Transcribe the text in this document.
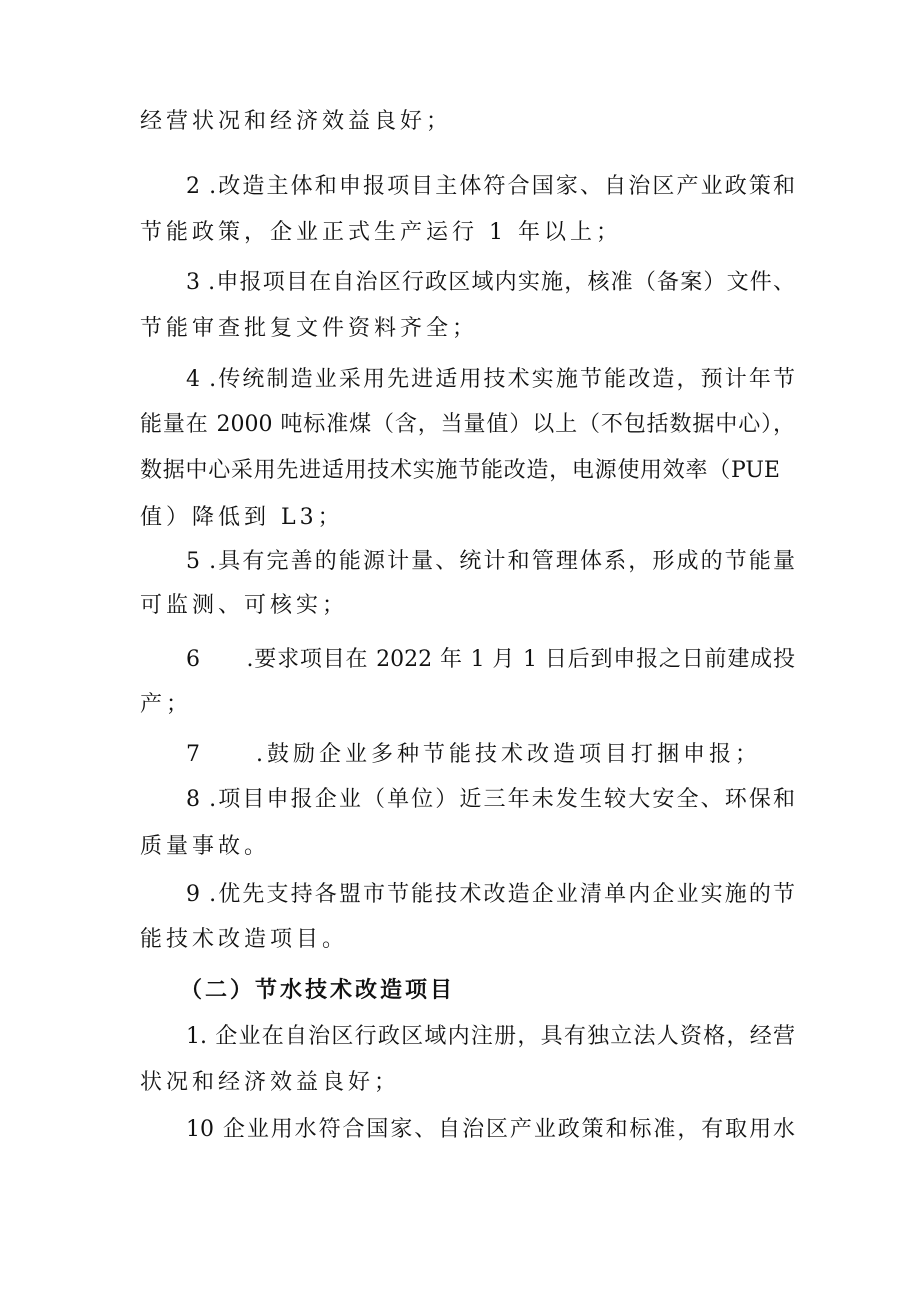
经营状况和经济效益良好；
2 .改造主体和申报项目主体符合国家、自治区产业政策和
节能政策，企业正式生产运行 1 年以上；
3 .申报项目在自治区行政区域内实施，核准（备案）文件、
节能审查批复文件资料齐全；
4 .传统制造业采用先进适用技术实施节能改造，预计年节
能量在 2000 吨标准煤（含，当量值）以上（不包括数据中心），
数据中心采用先进适用技术实施节能改造，电源使用效率（PUE
值）降低到 L3；
5 .具有完善的能源计量、统计和管理体系，形成的节能量
可监测、可核实；
6　　.要求项目在 2022 年 1 月 1 日后到申报之日前建成投
产；
7　　.鼓励企业多种节能技术改造项目打捆申报；
8 .项目申报企业（单位）近三年未发生较大安全、环保和
质量事故。
9 .优先支持各盟市节能技术改造企业清单内企业实施的节
能技术改造项目。
（二）节水技术改造项目
1. 企业在自治区行政区域内注册，具有独立法人资格，经营
状况和经济效益良好；
10 企业用水符合国家、自治区产业政策和标准，有取用水
